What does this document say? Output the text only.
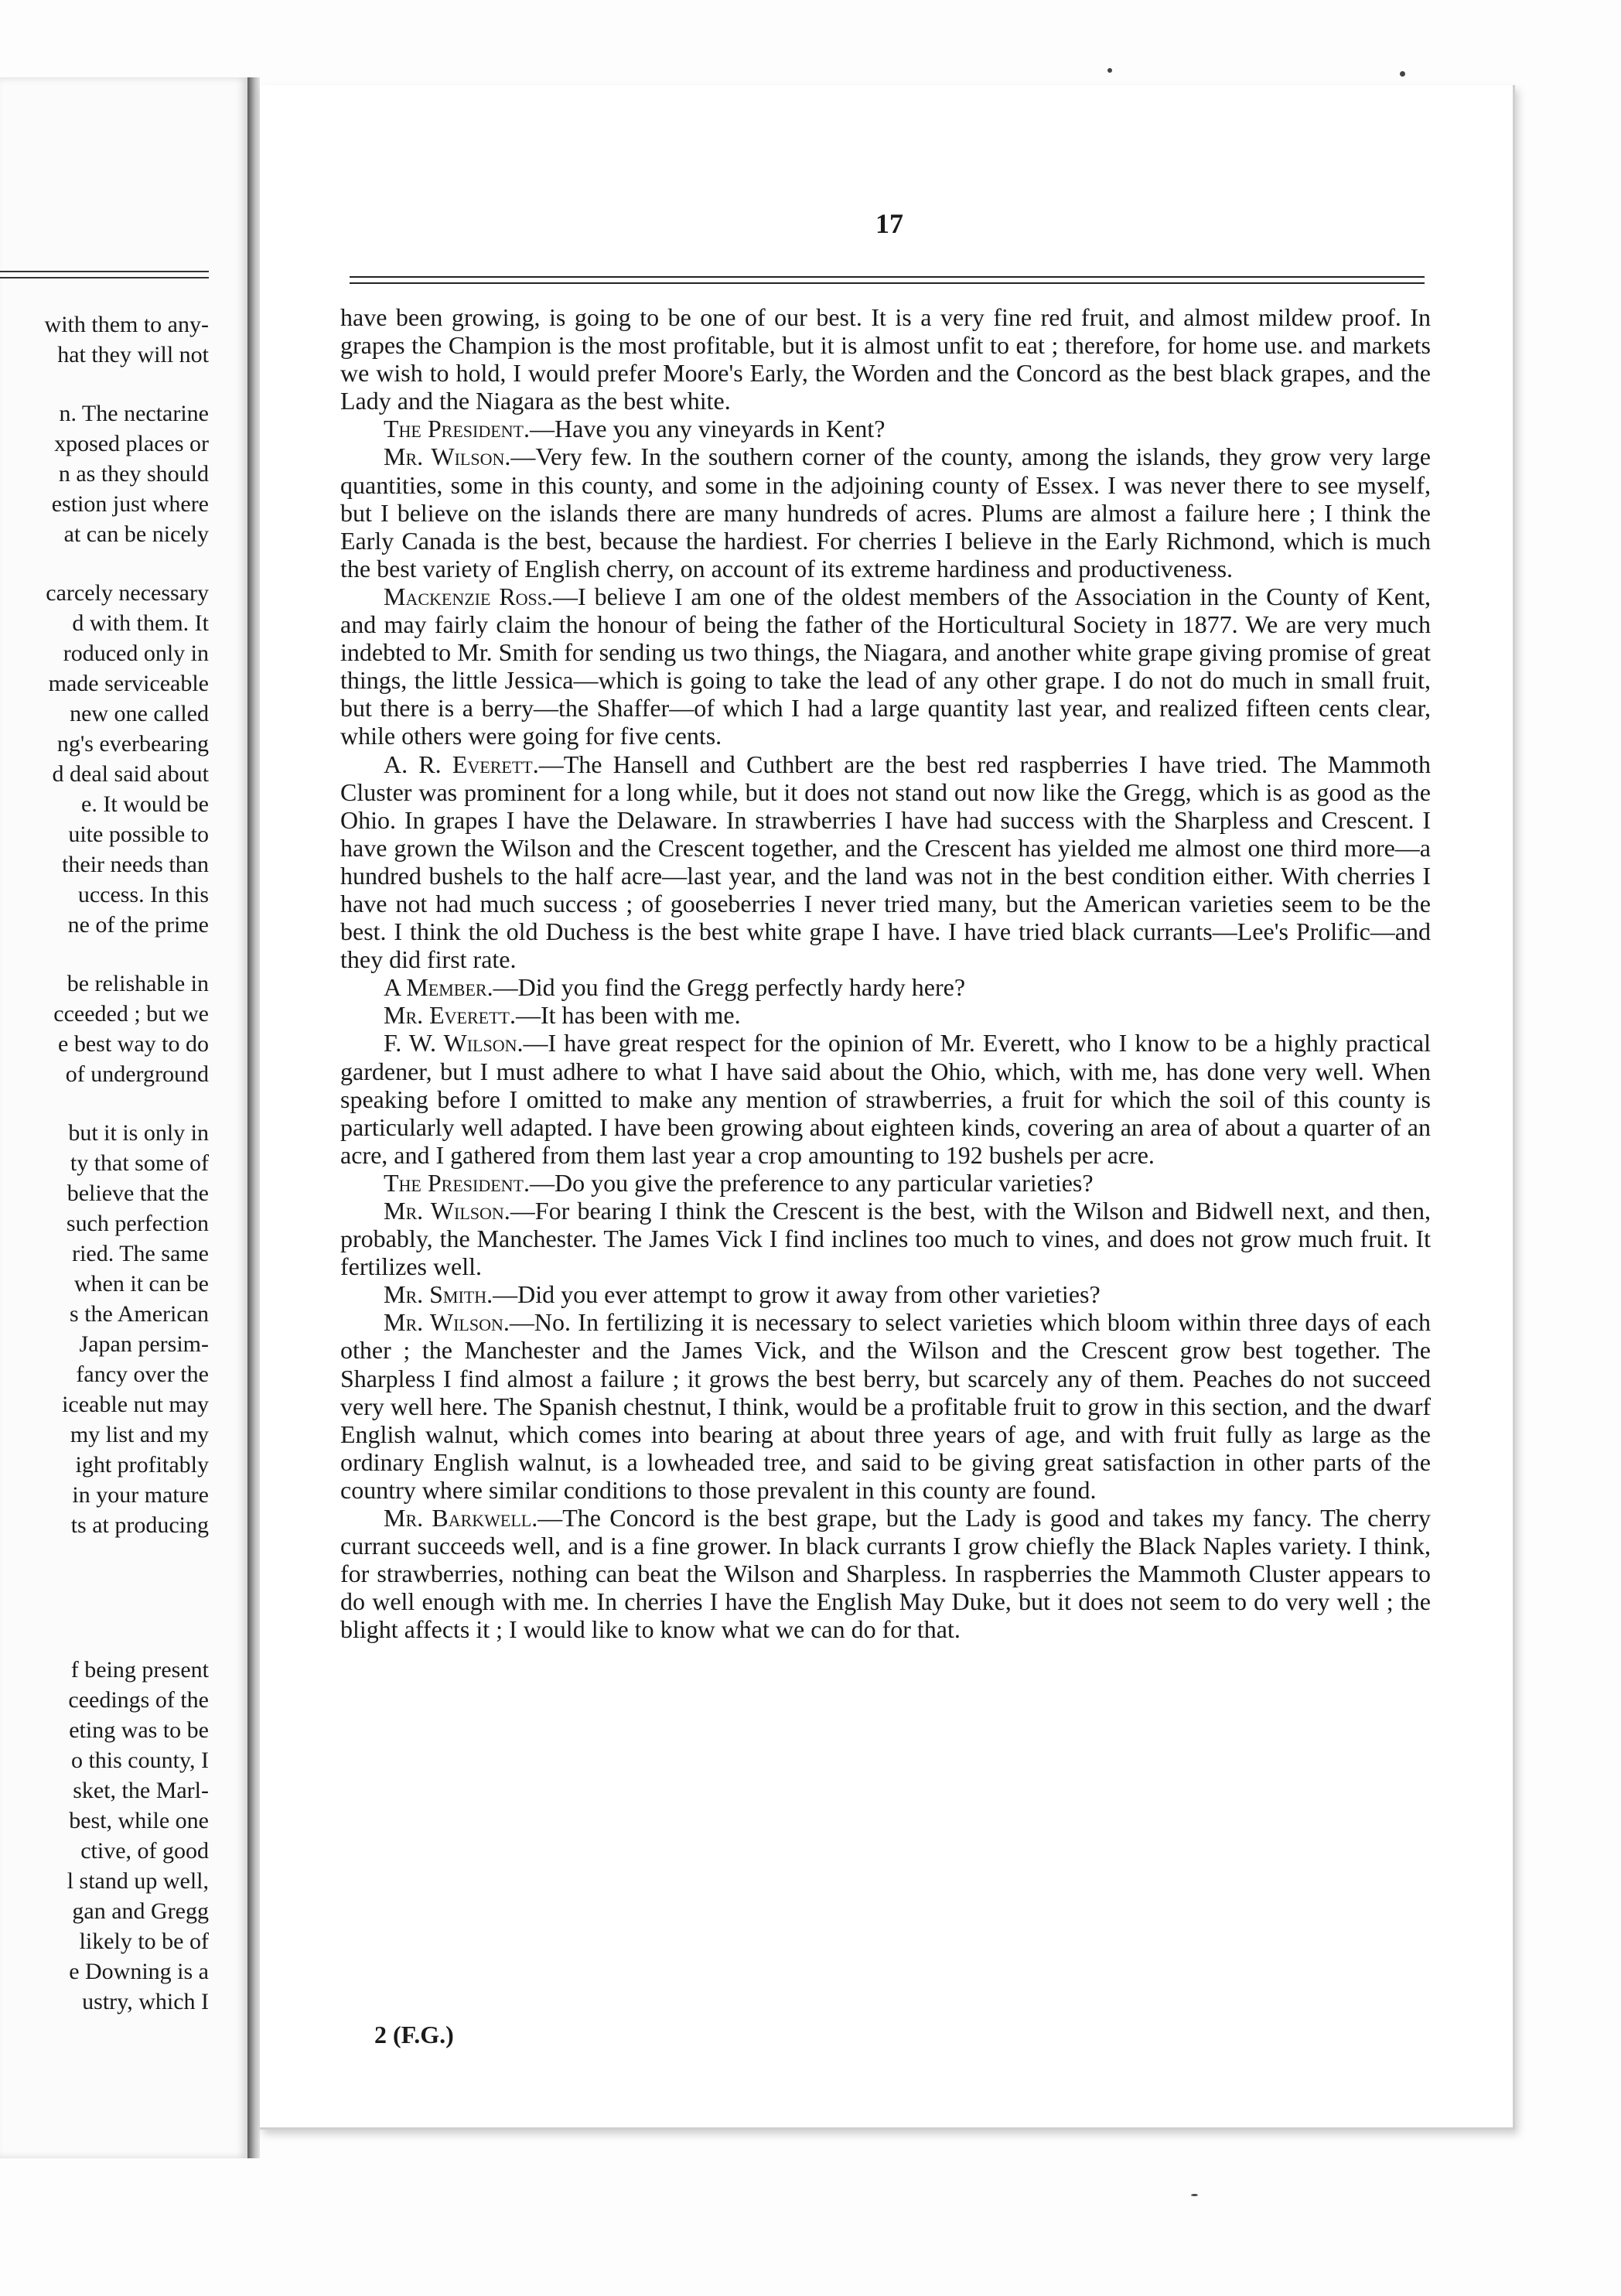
with them to any-
hat they will not
n. The nectarine
xposed places or
n as they should
estion just where
at can be nicely
carcely necessary
d with them. It
roduced only in
made serviceable
new one called
ng's everbearing
d deal said about
e. It would be
uite possible to
their needs than
uccess. In this
ne of the prime
be relishable in
cceeded ; but we
e best way to do
of underground
but it is only in
ty that some of
believe that the
such perfection
ried. The same
when it can be
s the American
Japan persim-
fancy over the
iceable nut may
my list and my
ight profitably
in your mature
ts at producing
f being present
ceedings of the
eting was to be
o this county, I
sket, the Marl-
best, while one
ctive, of good
l stand up well,
gan and Gregg
likely to be of
e Downing is a
ustry, which I
17

have been growing, is going to be one of our best. It is a very fine red fruit, and almost mildew proof. In grapes the Champion is the most profitable, but it is almost unfit to eat ; therefore, for home use. and markets we wish to hold, I would prefer Moore's Early, the Worden and the Concord as the best black grapes, and the Lady and the Niagara as the best white.

The President.—Have you any vineyards in Kent?

Mr. Wilson.—Very few. In the southern corner of the county, among the islands, they grow very large quantities, some in this county, and some in the adjoining county of Essex. I was never there to see myself, but I believe on the islands there are many hundreds of acres. Plums are almost a failure here ; I think the Early Canada is the best, because the hardiest. For cherries I believe in the Early Richmond, which is much the best variety of English cherry, on account of its extreme hardiness and productiveness.

Mackenzie Ross.—I believe I am one of the oldest members of the Association in the County of Kent, and may fairly claim the honour of being the father of the Horticultural Society in 1877. We are very much indebted to Mr. Smith for sending us two things, the Niagara, and another white grape giving promise of great things, the little Jessica—which is going to take the lead of any other grape. I do not do much in small fruit, but there is a berry—the Shaffer—of which I had a large quantity last year, and realized fifteen cents clear, while others were going for five cents.

A. R. Everett.—The Hansell and Cuthbert are the best red raspberries I have tried. The Mammoth Cluster was prominent for a long while, but it does not stand out now like the Gregg, which is as good as the Ohio. In grapes I have the Delaware. In strawberries I have had success with the Sharpless and Crescent. I have grown the Wilson and the Crescent together, and the Crescent has yielded me almost one third more—a hundred bushels to the half acre—last year, and the land was not in the best condition either. With cherries I have not had much success ; of gooseberries I never tried many, but the American varieties seem to be the best. I think the old Duchess is the best white grape I have. I have tried black currants—Lee's Prolific—and they did first rate.

A Member.—Did you find the Gregg perfectly hardy here?

Mr. Everett.—It has been with me.

F. W. Wilson.—I have great respect for the opinion of Mr. Everett, who I know to be a highly practical gardener, but I must adhere to what I have said about the Ohio, which, with me, has done very well. When speaking before I omitted to make any mention of strawberries, a fruit for which the soil of this county is particularly well adapted. I have been growing about eighteen kinds, covering an area of about a quarter of an acre, and I gathered from them last year a crop amounting to 192 bushels per acre.

The President.—Do you give the preference to any particular varieties?

Mr. Wilson.—For bearing I think the Crescent is the best, with the Wilson and Bidwell next, and then, probably, the Manchester. The James Vick I find inclines too much to vines, and does not grow much fruit. It fertilizes well.

Mr. Smith.—Did you ever attempt to grow it away from other varieties?

Mr. Wilson.—No. In fertilizing it is necessary to select varieties which bloom within three days of each other ; the Manchester and the James Vick, and the Wilson and the Crescent grow best together. The Sharpless I find almost a failure ; it grows the best berry, but scarcely any of them. Peaches do not succeed very well here. The Spanish chestnut, I think, would be a profitable fruit to grow in this section, and the dwarf English walnut, which comes into bearing at about three years of age, and with fruit fully as large as the ordinary English walnut, is a lowheaded tree, and said to be giving great satisfaction in other parts of the country where similar conditions to those prevalent in this county are found.

Mr. Barkwell.—The Concord is the best grape, but the Lady is good and takes my fancy. The cherry currant succeeds well, and is a fine grower. In black currants I grow chiefly the Black Naples variety. I think, for strawberries, nothing can beat the Wilson and Sharpless. In raspberries the Mammoth Cluster appears to do well enough with me. In cherries I have the English May Duke, but it does not seem to do very well ; the blight affects it ; I would like to know what we can do for that.

2 (F.G.)
